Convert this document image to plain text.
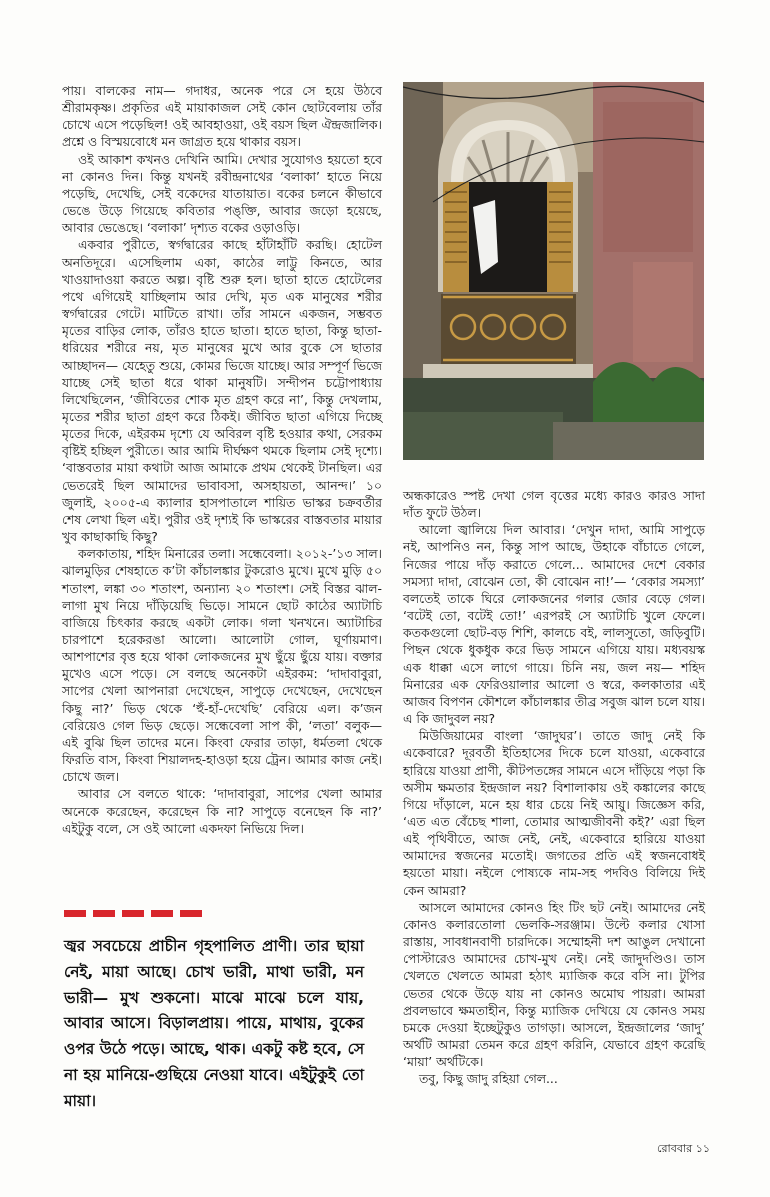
পায়। বালকের নাম— গদাধর, অনেক পরে সে হয়ে উঠবে শ্রীরামকৃষ্ণ। প্রকৃতির এই মায়াকাজল সেই কোন ছোটবেলায় তাঁর চোখে এসে পড়েছিল! ওই আবহাওয়া, ওই বয়স ছিল ঐন্দ্রজালিক। প্রশ্নে ও বিস্ময়বোধে মন জাগ্রত হয়ে থাকার বয়স।

ওই আকাশ কখনও দেখিনি আমি। দেখার সুযোগও হয়তো হবে না কোনও দিন। কিন্তু যখনই রবীন্দ্রনাথের ‘বলাকা’ হাতে নিয়ে পড়েছি, দেখেছি, সেই বকেদের যাতায়াত। বকের চলনে কীভাবে ভেঙে উড়ে গিয়েছে কবিতার পঙ্‌ক্তি, আবার জড়ো হয়েছে, আবার ভেঙেছে। ‘বলাকা’ দৃশ্যত বকের ওড়াওড়ি।

একবার পুরীতে, স্বর্গদ্বারের কাছে হাঁটাহাঁটি করছি। হোটেল অনতিদূরে। এসেছিলাম একা, কাঠের লাট্টু কিনতে, আর খাওয়াদাওয়া করতে অল্প। বৃষ্টি শুরু হল। ছাতা হাতে হোটেলের পথে এগিয়েই যাচ্ছিলাম আর দেখি, মৃত এক মানুষের শরীর স্বর্গদ্বারের গেটে। মাটিতে রাখা। তাঁর সামনে একজন, সম্ভবত মৃতের বাড়ির লোক, তাঁরও হাতে ছাতা। হাতে ছাতা, কিন্তু ছাতা-ধরিয়ের শরীরে নয়, মৃত মানুষের মুখে আর বুকে সে ছাতার আচ্ছাদন— যেহেতু শুয়ে, কোমর ভিজে যাচ্ছে। আর সম্পূর্ণ ভিজে যাচ্ছে সেই ছাতা ধরে থাকা মানুষটি। সন্দীপন চট্টোপাধ্যায় লিখেছিলেন, ‘জীবিতের শোক মৃত গ্রহণ করে না’, কিন্তু দেখলাম, মৃতের শরীর ছাতা গ্রহণ করে ঠিকই। জীবিত ছাতা এগিয়ে দিচ্ছে মৃতের দিকে, এইরকম দৃশ্যে যে অবিরল বৃষ্টি হওয়ার কথা, সেরকম বৃষ্টিই হচ্ছিল পুরীতে। আর আমি দীর্ঘক্ষণ থমকে ছিলাম সেই দৃশ্যে। ‘বাস্তবতার মায়া কথাটা আজ আমাকে প্রথম থেকেই টানছিল। এর ভেতরেই ছিল আমাদের ভাবাবসা, অসহায়তা, আনন্দ।’ ১০ জুলাই, ২০০৫-এ ক্যালার হাসপাতালে শায়িত ভাস্কর চক্রবর্তীর শেষ লেখা ছিল এই। পুরীর ওই দৃশ্যই কি ভাস্করের বাস্তবতার মায়ার খুব কাছাকাছি কিছু?

কলকাতায়, শহিদ মিনারের তলা। সন্ধেবেলা। ২০১২-’১৩ সাল। ঝালমুড়ির শেষহাতে ক’টা কাঁচালঙ্কার টুকরোও মুখে। মুখে মুড়ি ৫০ শতাংশ, লঙ্কা ৩০ শতাংশ, অন্যান্য ২০ শতাংশ। সেই বিস্তর ঝাল-লাগা মুখ নিয়ে দাঁড়িয়েছি ভিড়ে। সামনে ছোট কাঠের অ্যাটাচি বাজিয়ে চিৎকার করছে একটা লোক। গলা খনখনে। অ্যাটাচির চারপাশে হরেকরঙা আলো। আলোটা গোল, ঘূর্ণায়মাণ। আশপাশের বৃত্ত হয়ে থাকা লোকজনের মুখ ছুঁয়ে ছুঁয়ে যায়। বক্তার মুখেও এসে পড়ে। সে বলছে অনেকটা এইরকম: ‘দাদাবাবুরা, সাপের খেলা আপনারা দেখেছেন, সাপুড়ে দেখেছেন, দেখেছেন কিছু না?’ ভিড় থেকে ‘হুঁ-হাঁ-দেখেছি’ বেরিয়ে এল। ক’জন বেরিয়েও গেল ভিড় ছেড়ে। সন্ধেবেলা সাপ কী, ‘লতা’ বলুক— এই বুঝি ছিল তাদের মনে। কিংবা ফেরার তাড়া, ধর্মতলা থেকে ফিরতি বাস, কিংবা শিয়ালদহ-হাওড়া হয়ে ট্রেন। আমার কাজ নেই। চোখে জল।

আবার সে বলতে থাকে: ‘দাদাবাবুরা, সাপের খেলা আমার অনেকে করেছেন, করেছেন কি না? সাপুড়ে বনেছেন কি না?’ এইটুকু বলে, সে ওই আলো একদফা নিভিয়ে দিল।

অন্ধকারেও স্পষ্ট দেখা গেল বৃত্তের মধ্যে কারও কারও সাদা দাঁত ফুটে উঠল।

আলো জ্বালিয়ে দিল আবার। ‘দেখুন দাদা, আমি সাপুড়ে নই, আপনিও নন, কিন্তু সাপ আছে, উহাকে বাঁচাতে গেলে, নিজের পায়ে দাঁড় করাতে গেলে... আমাদের দেশে বেকার সমস্যা দাদা, বোঝেন তো, কী বোঝেন না!’— ‘বেকার সমস্যা’ বলতেই তাকে ঘিরে লোকজনের গলার জোর বেড়ে গেল। ‘বটেই তো, বটেই তো!’ এরপরই সে অ্যাটাচি খুলে ফেলে। কতকগুলো ছোট-বড় শিশি, কালচে বই, লালসুতো, জড়িবুটি। পিছন থেকে ধুকধুক করে ভিড় সামনে এগিয়ে যায়। মধ্যবয়স্ক এক ধাক্কা এসে লাগে গায়ে। চিনি নয়, জল নয়— শহিদ মিনারের এক ফেরিওয়ালার আলো ও স্বরে, কলকাতার এই আজব বিপণন কৌশলে কাঁচালঙ্কার তীব্র সবুজ ঝাল চলে যায়। এ কি জাদুবল নয়?

মিউজিয়ামের বাংলা ‘জাদুঘর’। তাতে জাদু নেই কি একেবারে? দূরবর্তী ইতিহাসের দিকে চলে যাওয়া, একেবারে হারিয়ে যাওয়া প্রাণী, কীটপতঙ্গের সামনে এসে দাঁড়িয়ে পড়া কি অসীম ক্ষমতার ইন্দ্রজাল নয়? বিশালাকায় ওই কঙ্কালের কাছে গিয়ে দাঁড়ালে, মনে হয় ধার চেয়ে নিই আয়ু। জিজ্ঞেস করি, ‘এত এত বেঁচেছ শালা, তোমার আত্মজীবনী কই?’ এরা ছিল এই পৃথিবীতে, আজ নেই, নেই, একেবারে হারিয়ে যাওয়া আমাদের স্বজনের মতোই। জগতের প্রতি এই স্বজনবোধই হয়তো মায়া। নইলে পোষ্যকে নাম-সহ পদবিও বিলিয়ে দিই কেন আমরা?

আসলে আমাদের কোনও হিং টিং ছট নেই। আমাদের নেই কোনও কলারতোলা ভেলকি-সরঞ্জাম। উল্টে কলার খোসা রাস্তায়, সাবধানবাণী চারদিকে। সম্মোহনী দশ আঙুল দেখানো পোস্টারেও আমাদের চোখ-মুখ নেই। নেই জাদুদণ্ডিও। তাস খেলতে খেলতে আমরা হঠাৎ ম্যাজিক করে বসি না। টুপির ভেতর থেকে উড়ে যায় না কোনও অমোঘ পায়রা। আমরা প্রবলভাবে ক্ষমতাহীন, কিন্তু ম্যাজিক দেখিয়ে যে কোনও সময় চমকে দেওয়া ইচ্ছেটুকুও তাগড়া। আসলে, ইন্দ্রজালের ‘জাদু’ অর্থটি আমরা তেমন করে গ্রহণ করিনি, যেভাবে গ্রহণ করেছি ‘মায়া’ অর্থটিকে।

তবু, কিছু জাদু রহিয়া গেল...

জ্বর সবচেয়ে প্রাচীন গৃহপালিত প্রাণী। তার ছায়া নেই, মায়া আছে। চোখ ভারী, মাথা ভারী, মন ভারী— মুখ শুকনো। মাঝে মাঝে চলে যায়, আবার আসে। বিড়ালপ্রায়। পায়ে, মাথায়, বুকের ওপর উঠে পড়ে। আছে, থাক। একটু কষ্ট হবে, সে না হয় মানিয়ে-গুছিয়ে নেওয়া যাবে। এইটুকুই তো মায়া।
রোববার ১১
